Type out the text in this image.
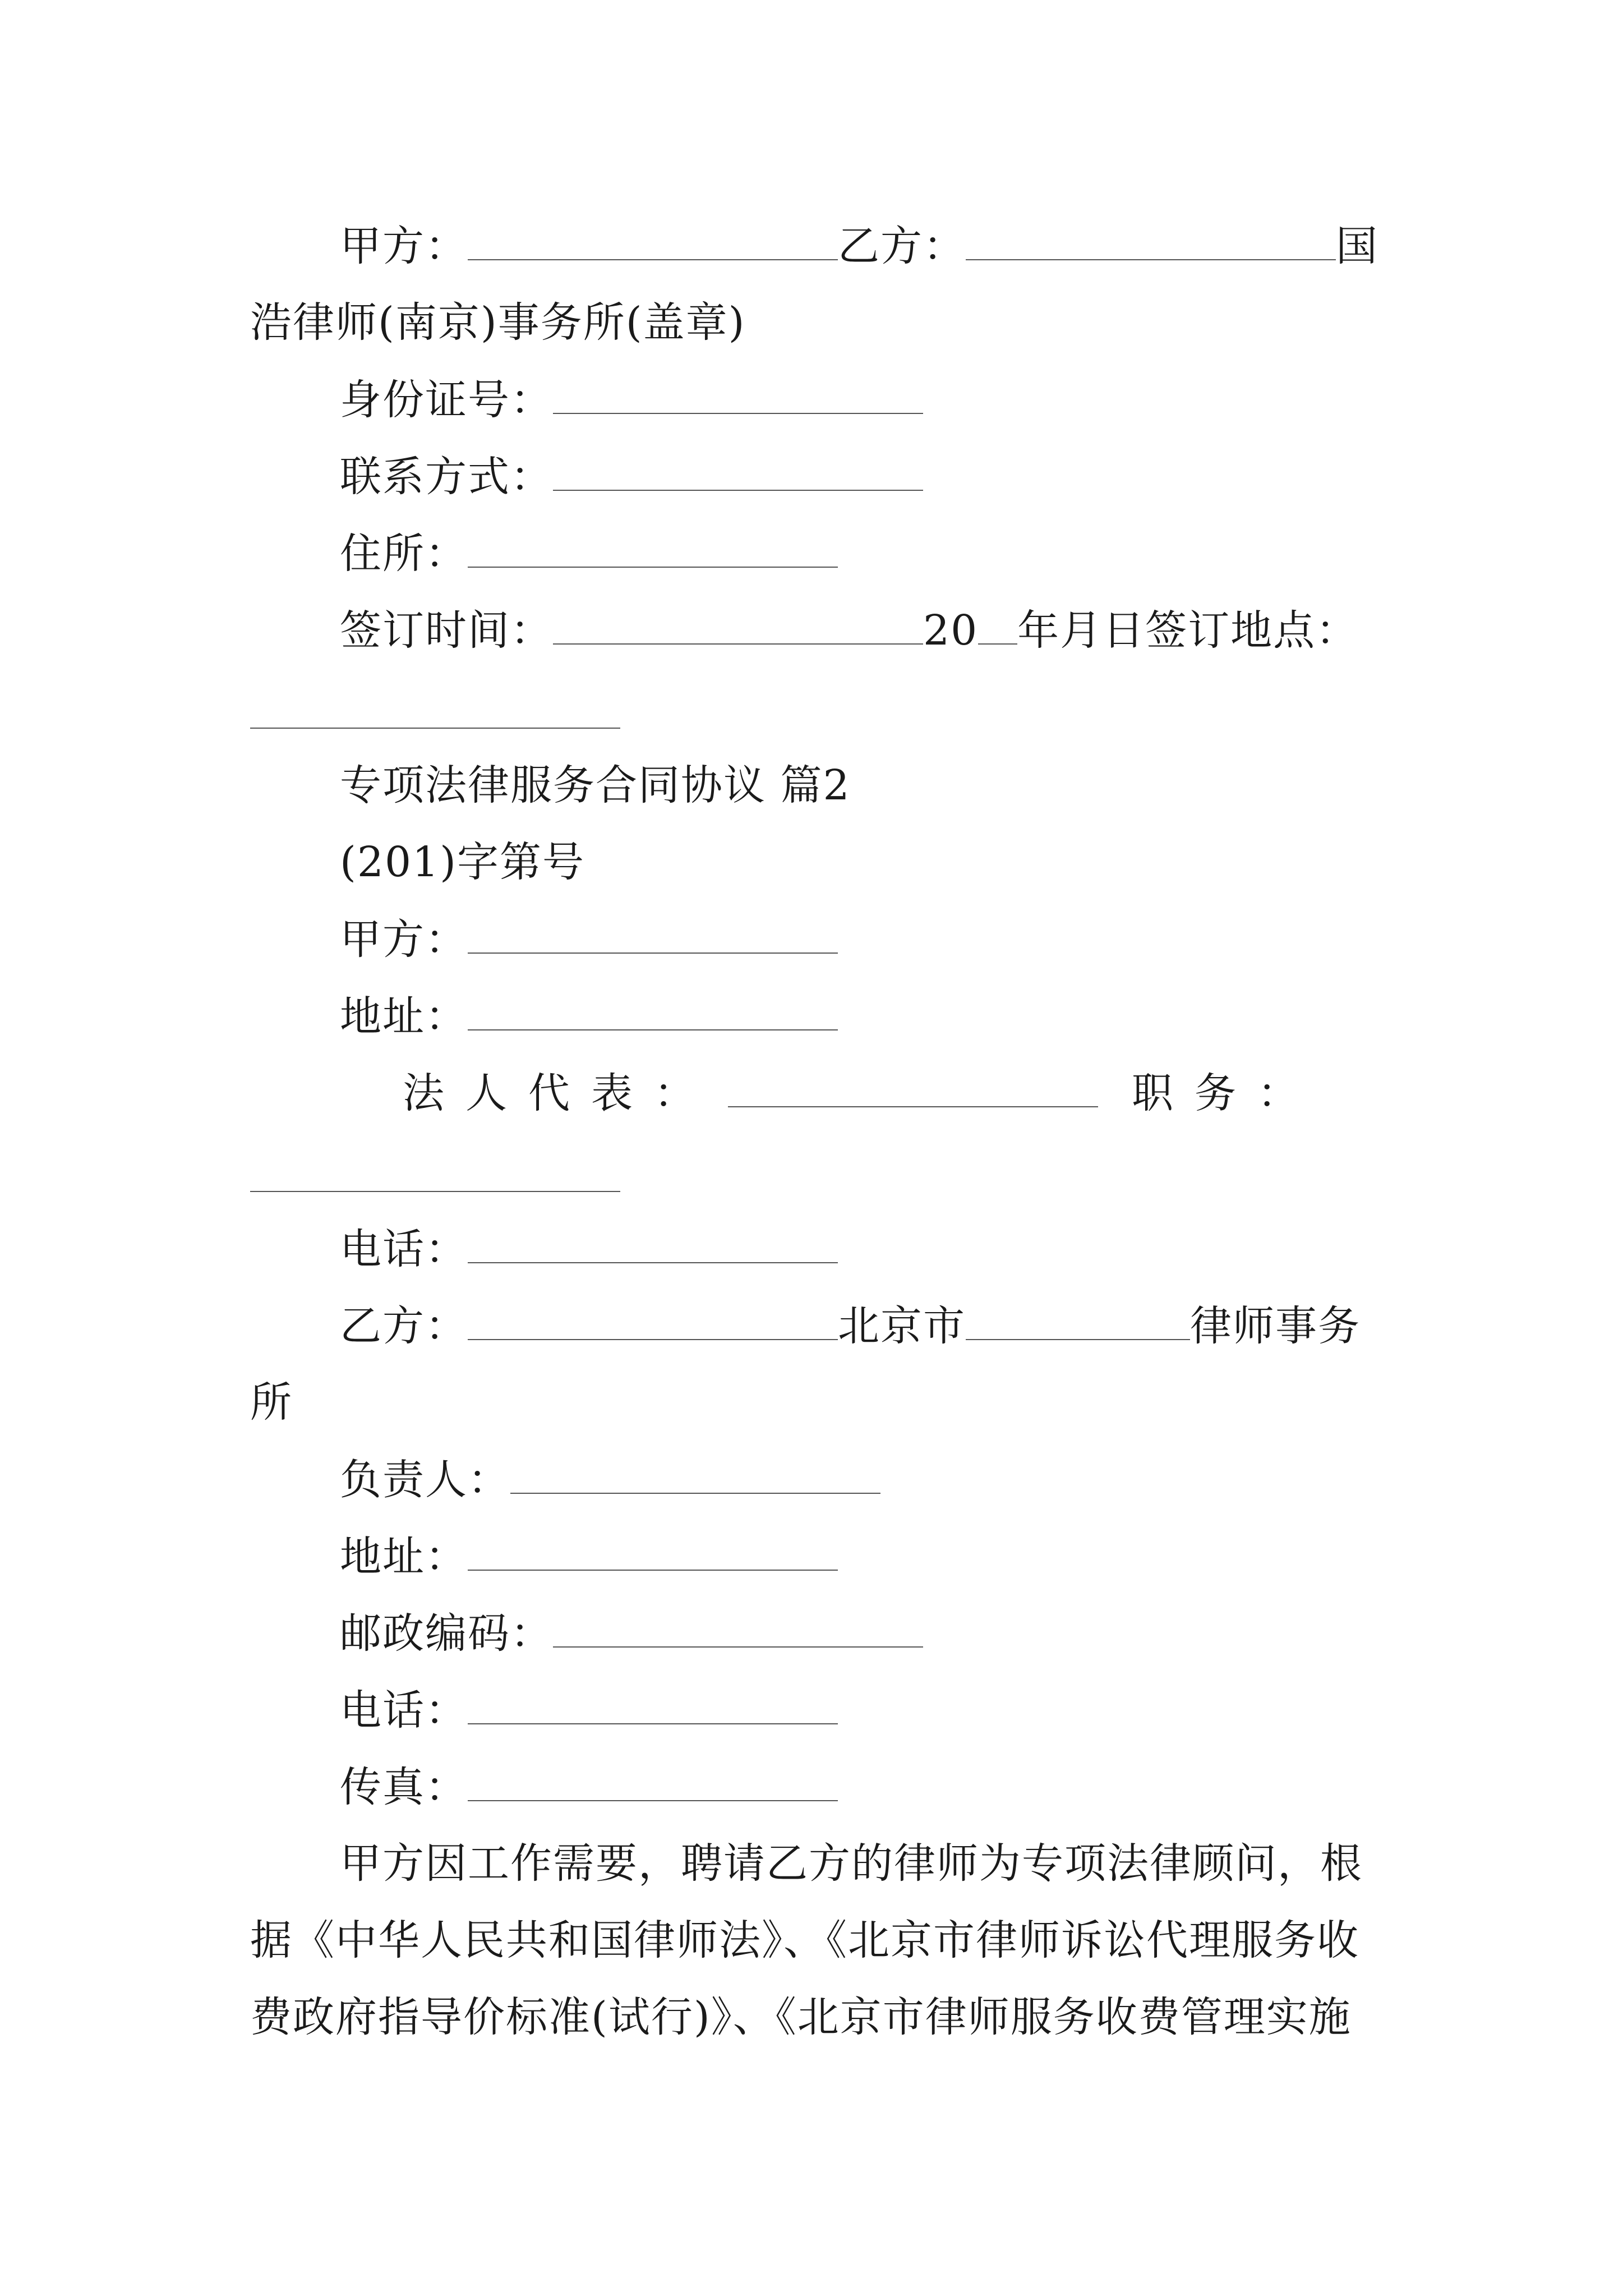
甲方：	乙方：	国
浩律师(南京)事务所(盖章)
身份证号：
联系方式：
住所：
签订时间：	20 年月日签订地点：
专项法律服务合同协议 篇2
(201)字第号
甲方：
地址：
法人代表：	职务：
电话：
乙方：	北京市	律师事务
所
负责人：
地址：
邮政编码：
电话：
传真：
甲方因工作需要，聘请乙方的律师为专项法律顾问，根
据《中华人民共和国律师法》、《北京市律师诉讼代理服务收
费政府指导价标准(试行)》、《北京市律师服务收费管理实施
